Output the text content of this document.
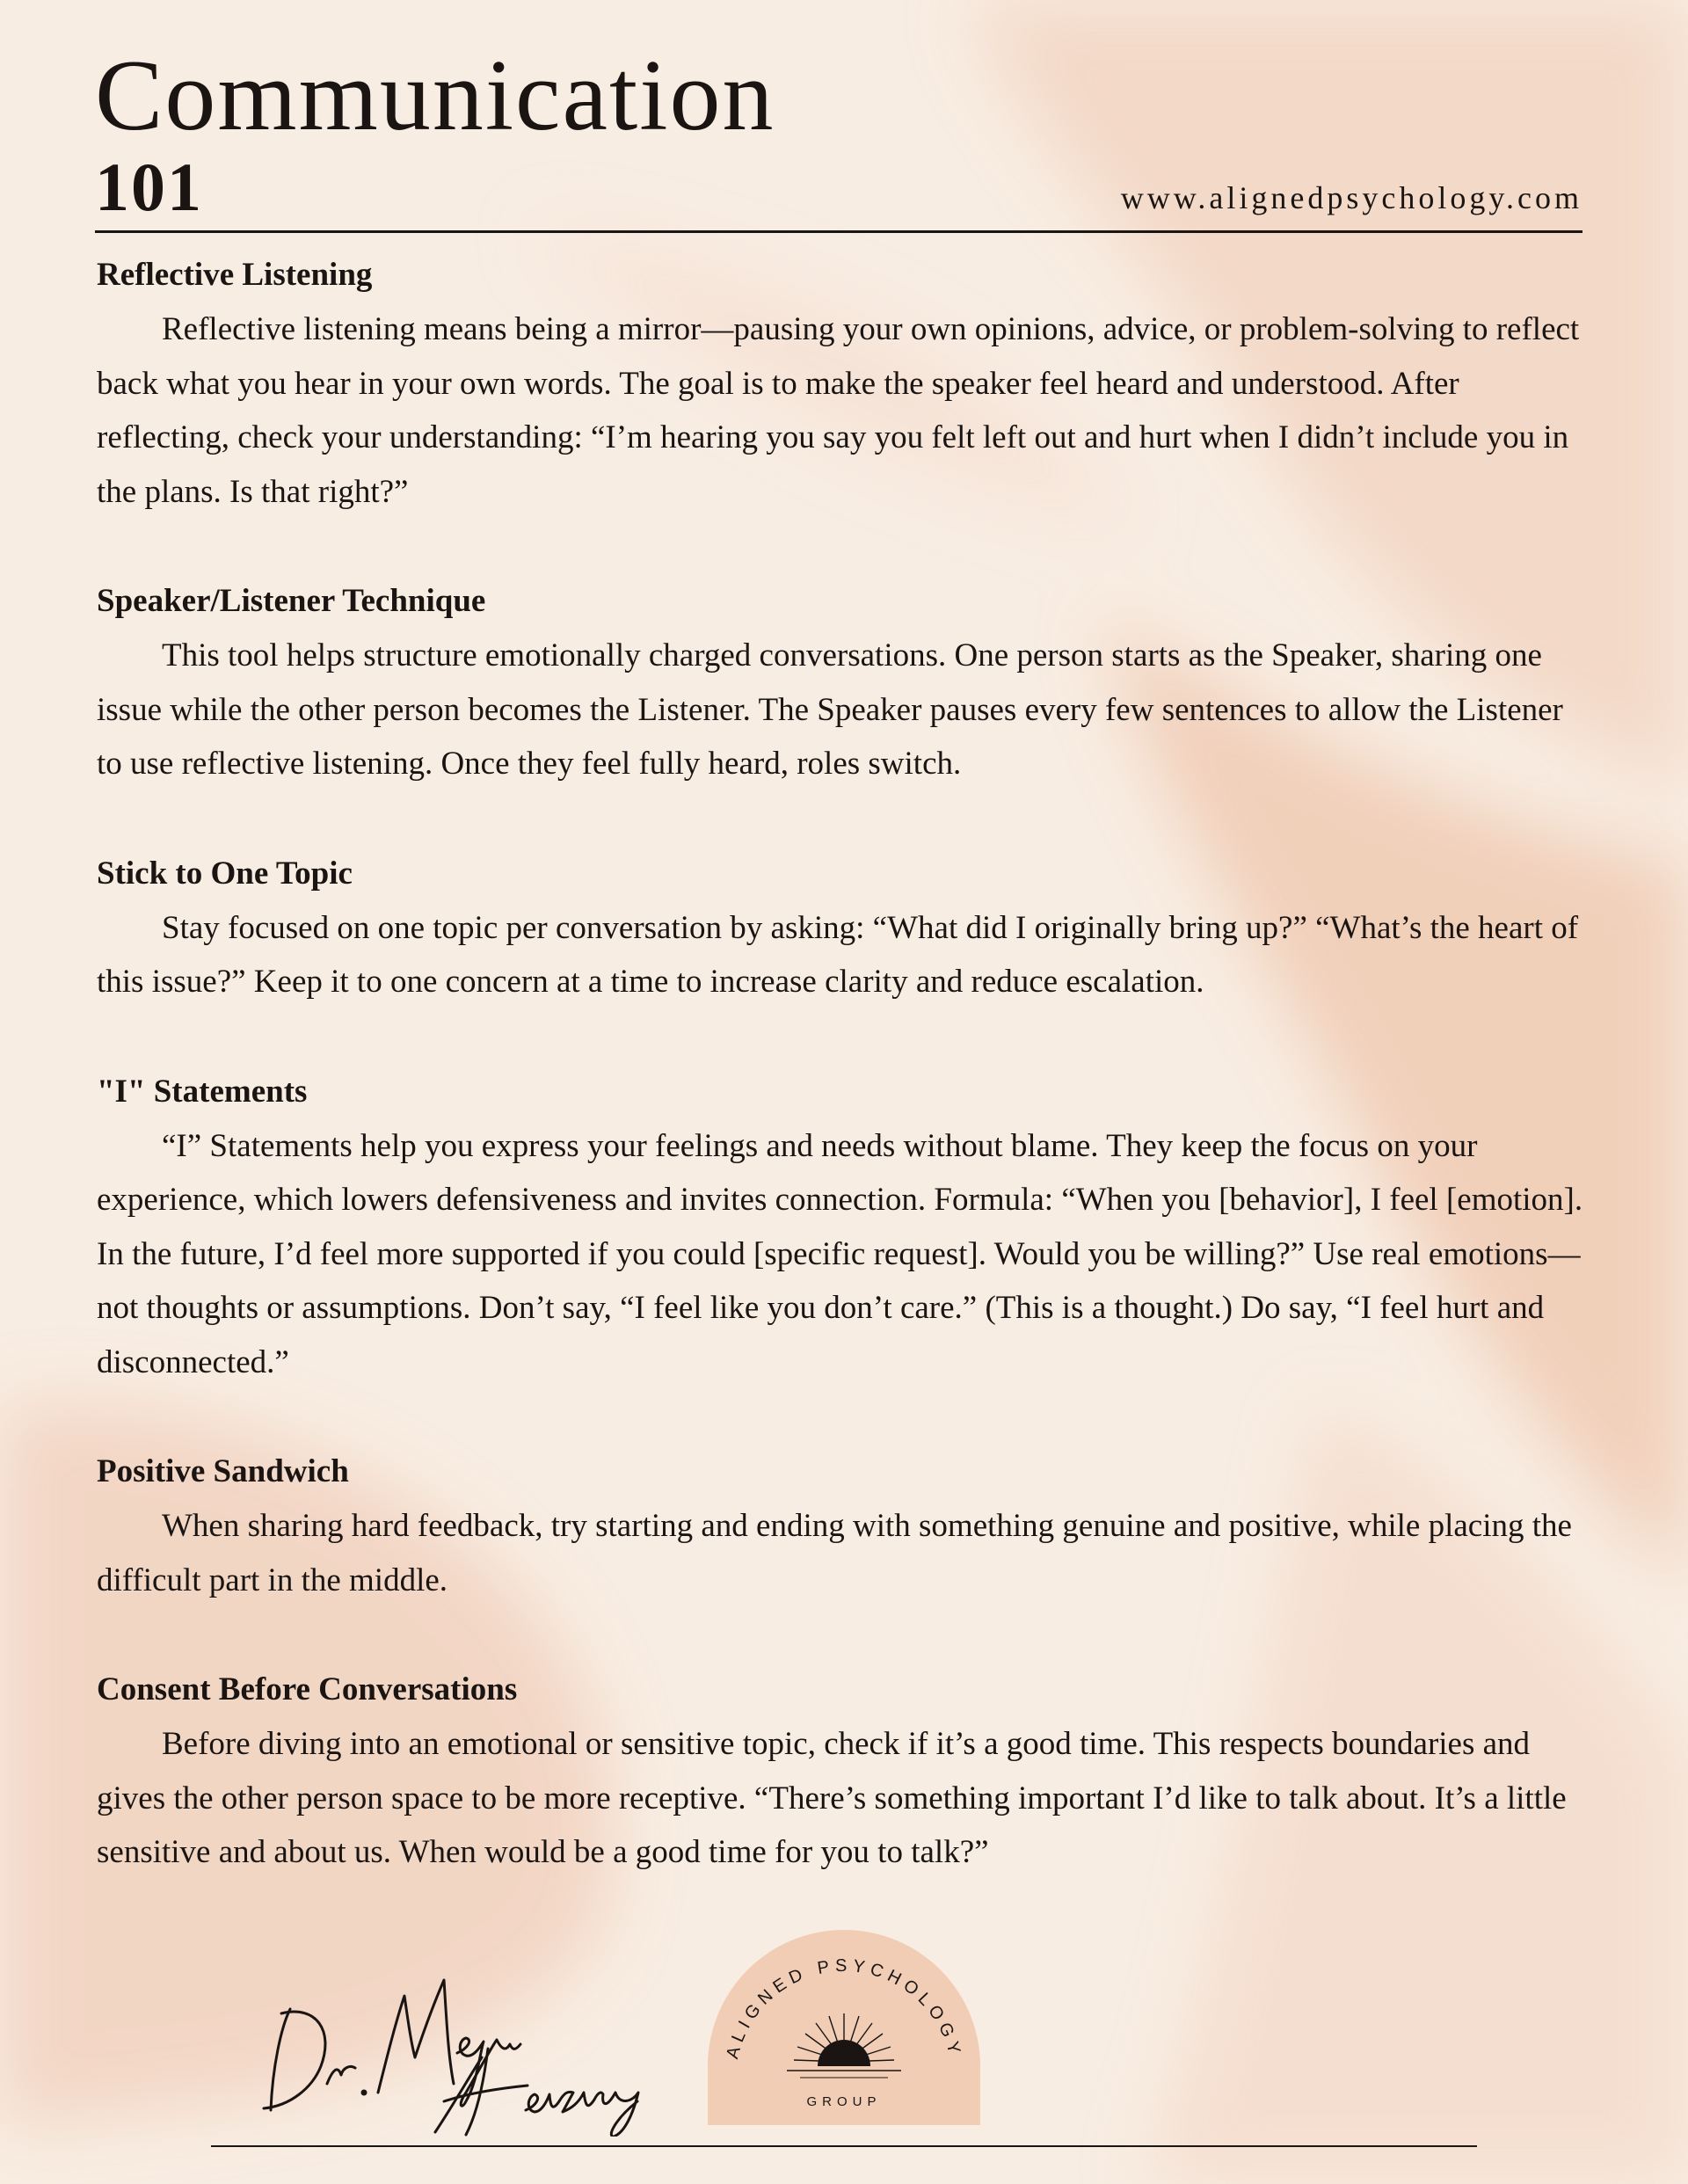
Communication
101	www.alignedpsychology.com

Reflective Listening

Reflective listening means being a mirror—pausing your own opinions, advice, or problem-solving to reflect back what you hear in your own words. The goal is to make the speaker feel heard and understood. After reflecting, check your understanding: “I’m hearing you say you felt left out and hurt when I didn’t include you in the plans. Is that right?”

Speaker/Listener Technique

This tool helps structure emotionally charged conversations. One person starts as the Speaker, sharing one issue while the other person becomes the Listener. The Speaker pauses every few sentences to allow the Listener to use reflective listening. Once they feel fully heard, roles switch.

Stick to One Topic

Stay focused on one topic per conversation by asking: “What did I originally bring up?” “What’s the heart of this issue?” Keep it to one concern at a time to increase clarity and reduce escalation.

"I" Statements

“I” Statements help you express your feelings and needs without blame. They keep the focus on your experience, which lowers defensiveness and invites connection. Formula: “When you [behavior], I feel [emotion]. In the future, I’d feel more supported if you could [specific request]. Would you be willing?” Use real emotions—not thoughts or assumptions. Don’t say, “I feel like you don’t care.” (This is a thought.) Do say, “I feel hurt and disconnected.”

Positive Sandwich

When sharing hard feedback, try starting and ending with something genuine and positive, while placing the difficult part in the middle.

Consent Before Conversations

Before diving into an emotional or sensitive topic, check if it’s a good time. This respects boundaries and gives the other person space to be more receptive. “There’s something important I’d like to talk about. It’s a little sensitive and about us. When would be a good time for you to talk?”

ALIGNED PSYCHOLOGY
GROUP
